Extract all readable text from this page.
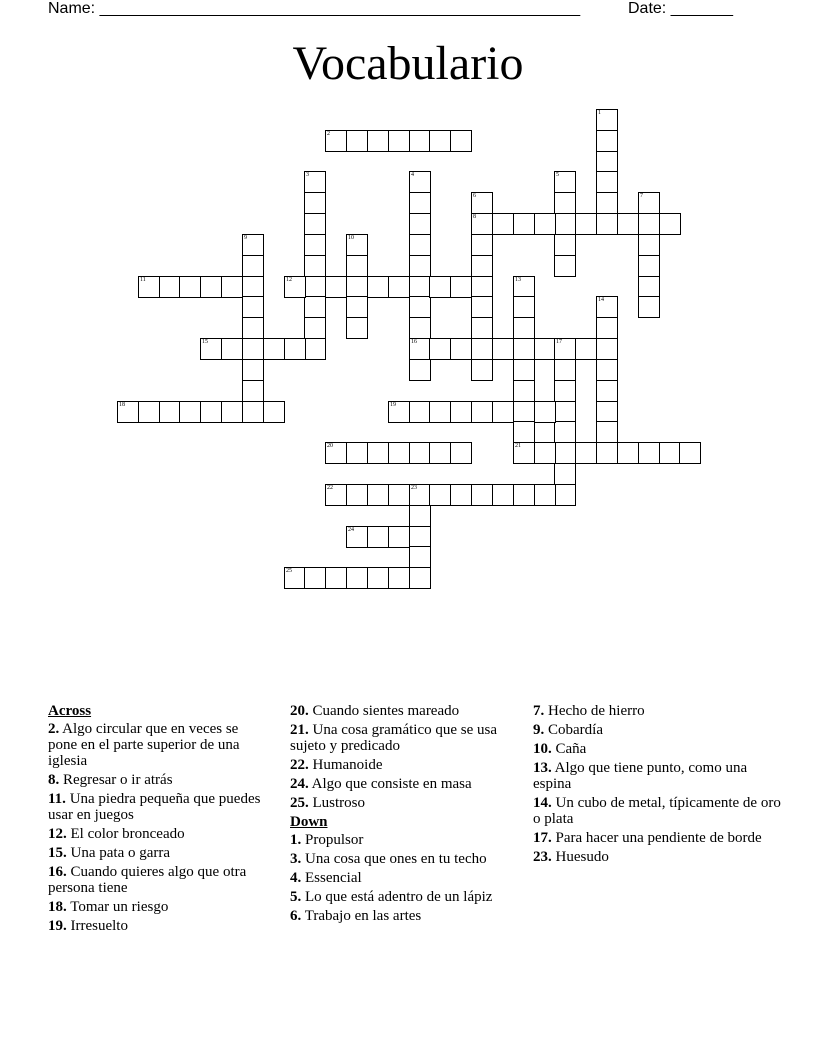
Name: ______________________________________________________	Date: _______
Vocabulario
1
2
3	4
16
5
6
8
7
9	10
11	12	13
14
15	17
18	19
20	21
22	23
24
25
Across
2. Algo circular que en veces se pone en el parte superior de una iglesia
8. Regresar o ir atrás
11. Una piedra pequeña que puedes usar en juegos
12. El color bronceado
15. Una pata o garra
16. Cuando quieres algo que otra persona tiene
18. Tomar un riesgo
19. Irresuelto
20. Cuando sientes mareado
21. Una cosa gramático que se usa sujeto y predicado
22. Humanoide
24. Algo que consiste en masa
25. Lustroso
Down
1. Propulsor
3. Una cosa que ones en tu techo
4. Essencial
5. Lo que está adentro de un lápiz
6. Trabajo en las artes
7. Hecho de hierro
9. Cobardía
10. Caña
13. Algo que tiene punto, como una espina
14. Un cubo de metal, típicamente de oro o plata
17. Para hacer una pendiente de borde
23. Huesudo
